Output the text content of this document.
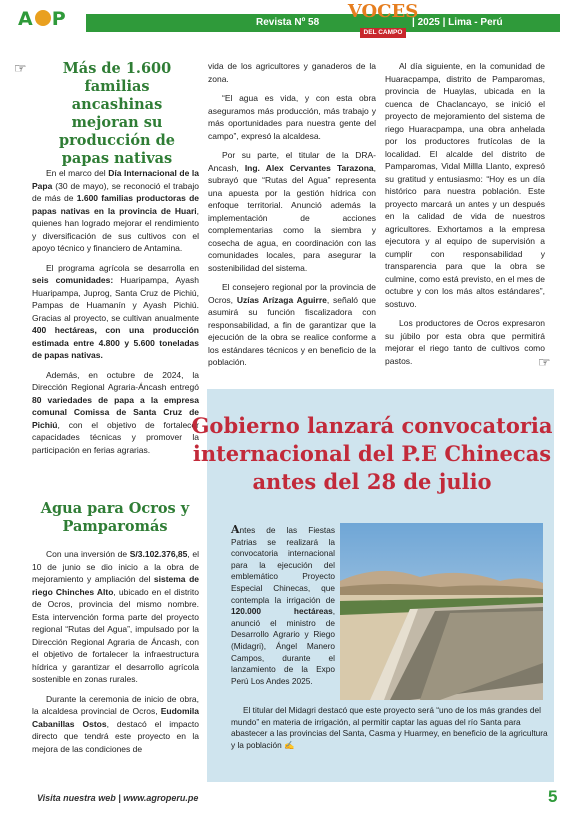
A P	Revista Nº 58	| 2025 | Lima - Perú
VOCES
DEL CAMPO
☞
☞
Más de 1.600 familias ancashinas mejoran su producción de papas nativas

En el marco del Día Internacional de la Papa (30 de mayo), se reconoció el trabajo de más de 1.600 familias productoras de papas nativas en la provincia de Huari, quienes han logrado mejorar el rendimiento y diversificación de sus cultivos con el apoyo técnico y financiero de Antamina.

El programa agrícola se desarrolla en seis comunidades: Huaripampa, Ayash Huaripampa, Juprog, Santa Cruz de Pichiú, Pampas de Huamanín y Ayash Pichiú. Gracias al proyecto, se cultivan anualmente 400 hectáreas, con una producción estimada entre 4.800 y 5.600 toneladas de papas nativas.

Además, en octubre de 2024, la Dirección Regional Agraria-Áncash entregó 80 variedades de papa a la empresa comunal Comissa de Santa Cruz de Pichiú, con el objetivo de fortalecer capacidades técnicas y promover la participación en ferias agrarias.

Agua para Ocros y Pamparomás

Con una inversión de S/3.102.376,85, el 10 de junio se dio inicio a la obra de mejoramiento y ampliación del sistema de riego Chinches Alto, ubicado en el distrito de Ocros, provincia del mismo nombre. Esta intervención forma parte del proyecto regional “Rutas del Agua”, impulsado por la Dirección Regional Agraria de Áncash, con el objetivo de fortalecer la infraestructura hídrica y garantizar el desarrollo agrícola sostenible en zonas rurales.

Durante la ceremonia de inicio de obra, la alcaldesa provincial de Ocros, Eudomila Cabanillas Ostos, destacó el impacto directo que tendrá este proyecto en la mejora de las condiciones de

vida de los agricultores y ganaderos de la zona.

“El agua es vida, y con esta obra aseguramos más producción, más trabajo y más oportunidades para nuestra gente del campo”, expresó la alcaldesa.

Por su parte, el titular de la DRA-Ancash, Ing. Alex Cervantes Tarazona, subrayó que “Rutas del Agua” representa una apuesta por la gestión hídrica con enfoque territorial. Anunció además la implementación de acciones complementarias como la siembra y cosecha de agua, en coordinación con las comunidades locales, para asegurar la sostenibilidad del sistema.

El consejero regional por la provincia de Ocros, Uzías Arízaga Aguirre, señaló que asumirá su función fiscalizadora con responsabilidad, a fin de garantizar que la ejecución de la obra se realice conforme a los estándares técnicos y en beneficio de la población.

Al día siguiente, en la comunidad de Huaracpampa, distrito de Pamparomas, provincia de Huaylas, ubicada en la cuenca de Chaclancayo, se inició el proyecto de mejoramiento del sistema de riego Huaracpampa, una obra anhelada por los productores frutícolas de la localidad. El alcalde del distrito de Pamparomas, Vidal Millla Llanto, expresó su gratitud y entusiasmo: “Hoy es un día histórico para nuestra población. Este proyecto marcará un antes y un después en la calidad de vida de nuestros agricultores. Exhortamos a la empresa ejecutora y al equipo de supervisión a cumplir con responsabilidad y transparencia para que la obra se culmine, como está previsto, en el mes de octubre y con los más altos estándares”, sostuvo.

Los productores de Ocros expresaron su júbilo por esta obra que permitirá mejorar el riego tanto de cultivos como pastos.

Gobierno lanzará convocatoria internacional del P.E Chinecas antes del 28 de julio
Antes de las Fiestas Patrias se realizará la convocatoria internacional para la ejecución del emblemático Proyecto Especial Chinecas, que contempla la irrigación de 120.000 hectáreas, anunció el ministro de Desarrollo Agrario y Riego (Midagri), Ángel Manero Campos, durante el lanzamiento de la Expo Perú Los Andes 2025.

El titular del Midagri destacó que este proyecto será “uno de los más grandes del mundo” en materia de irrigación, al permitir captar las aguas del río Santa para abastecer a las provincias del Santa, Casma y Huarmey, en beneficio de la agricultura y la población ✍

Visita nuestra web | www.agroperu.pe	5
